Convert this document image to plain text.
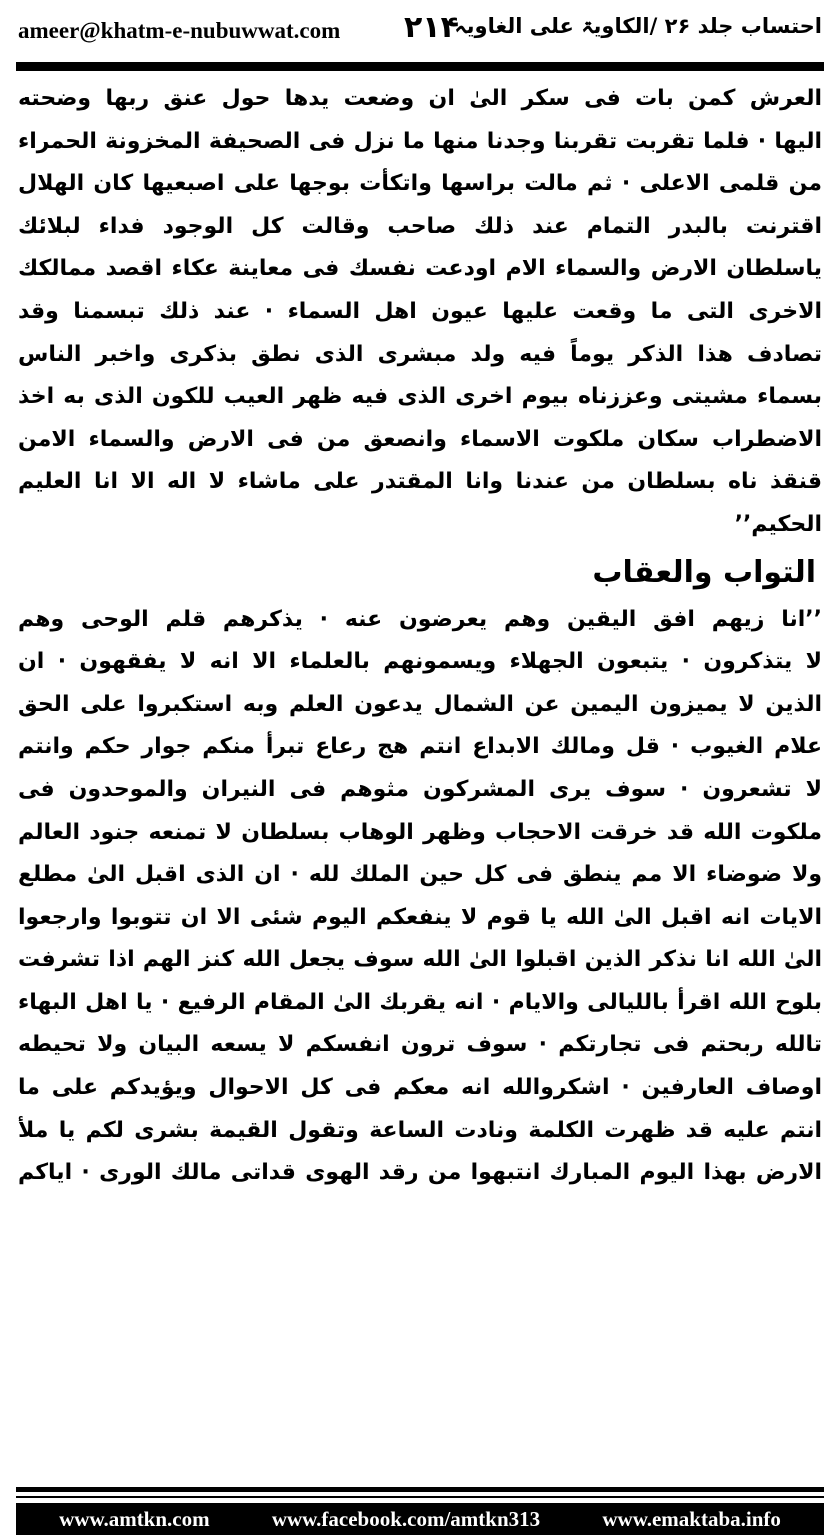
ameer@khatm-e-nubuwwat.com ۲۱۴
احتساب جلد ۲۶ /الکاویۃ علی الغاویہ
العرش كمن بات فى سكر الىٰ ان وضعت يدها حول عنق ربها وضحته
اليها · فلما تقربت تقربنا وجدنا منها ما نزل فى الصحيفة المخزونة الحمراء
من قلمى الاعلى · ثم مالت براسها واتكأت بوجها على اصبعيها كان الهلال
اقترنت بالبدر التمام عند ذلك صاحب وقالت كل الوجود فداء لبلائك
ياسلطان الارض والسماء الام اودعت نفسك فى معاينة عكاء اقصد ممالكك
الاخرى التى ما وقعت عليها عيون اهل السماء · عند ذلك تبسمنا وقد
تصادف هذا الذكر يوماً فيه ولد مبشرى الذى نطق بذكرى واخبر الناس
بسماء مشيتى وعززناه بيوم اخرى الذى فيه ظهر العيب للكون الذى به اخذ
الاضطراب سكان ملكوت الاسماء وانصعق من فى الارض والسماء الامن
قنقذ ناه بسلطان من عندنا وانا المقتدر على ماشاء لا اله الا انا العليم
الحكيم’’
التواب والعقاب
’’انا زيهم افق اليقين وهم يعرضون عنه · يذكرهم قلم الوحى وهم
لا يتذكرون · يتبعون الجهلاء ويسمونهم بالعلماء الا انه لا يفقهون · ان
الذين لا يميزون اليمين عن الشمال يدعون العلم وبه استكبروا على الحق
علام الغيوب · قل ومالك الابداع انتم هج رعاع تبرأ منكم جوار حكم وانتم
لا تشعرون · سوف يرى المشركون مثوهم فى النيران والموحدون فى
ملكوت الله قد خرقت الاحجاب وظهر الوهاب بسلطان لا تمنعه جنود العالم
ولا ضوضاء الا مم ينطق فى كل حين الملك لله · ان الذى اقبل الىٰ مطلع
الايات انه اقبل الىٰ الله يا قوم لا ينفعكم اليوم شئى الا ان تتوبوا وارجعوا
الىٰ الله انا نذكر الذين اقبلوا الىٰ الله سوف يجعل الله كنز الهم اذا تشرفت
بلوح الله اقرأ بالليالى والايام · انه يقربك الىٰ المقام الرفيع · يا اهل البهاء
تالله ربحتم فى تجارتكم · سوف ترون انفسكم لا يسعه البيان ولا تحيطه
اوصاف العارفين · اشكروالله انه معكم فى كل الاحوال ويؤيدكم على ما
انتم عليه قد ظهرت الكلمة ونادت الساعة وتقول القيمة بشرى لكم يا ملأ
الارض بهذا اليوم المبارك انتبهوا من رقد الهوى قداتى مالك الورى · اياكم
www.amtkn.com	www.facebook.com/amtkn313	www.emaktaba.info
